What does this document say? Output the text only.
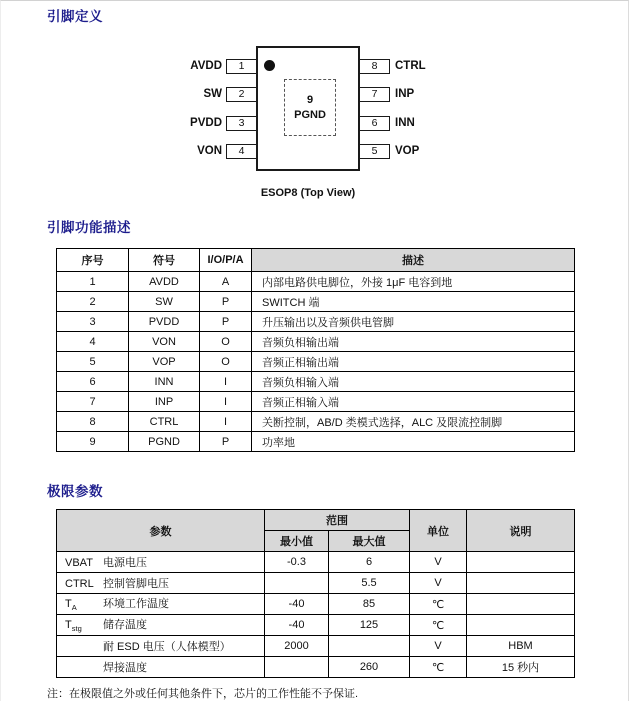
引脚定义
9
PGND
1
AVDD
2
SW
3
PVDD
4
VON
8	CTRL
7	INP
6	INN
5	VOP
ESOP8 (Top View)
引脚功能描述
序号	符号	I/O/P/A	描述
1	AVDD	A	内部电路供电脚位，外接 1μF 电容到地
2	SW	P	SWITCH 端
3	PVDD	P	升压输出以及音频供电管脚
4	VON	O	音频负相输出端
5	VOP	O	音频正相输出端
6	INN	I	音频负相输入端
7	INP	I	音频正相输入端
8	CTRL	I	关断控制，AB/D 类模式选择，ALC 及限流控制脚
9	PGND	P	功率地
极限参数
参数	范围		单位	说明
	最小值	最大值		
VBAT 电源电压	-0.3	6	V	
CTRL 控制管脚电压		5.5	V	
$T_A$ 环境工作温度	-40	85	℃	
$T_{stg}$ 储存温度	-40	125	℃	
耐 ESD 电压（人体模型）	2000		V	HBM
焊接温度		260	℃	15 秒内
注：在极限值之外或任何其他条件下，芯片的工作性能不予保证.
